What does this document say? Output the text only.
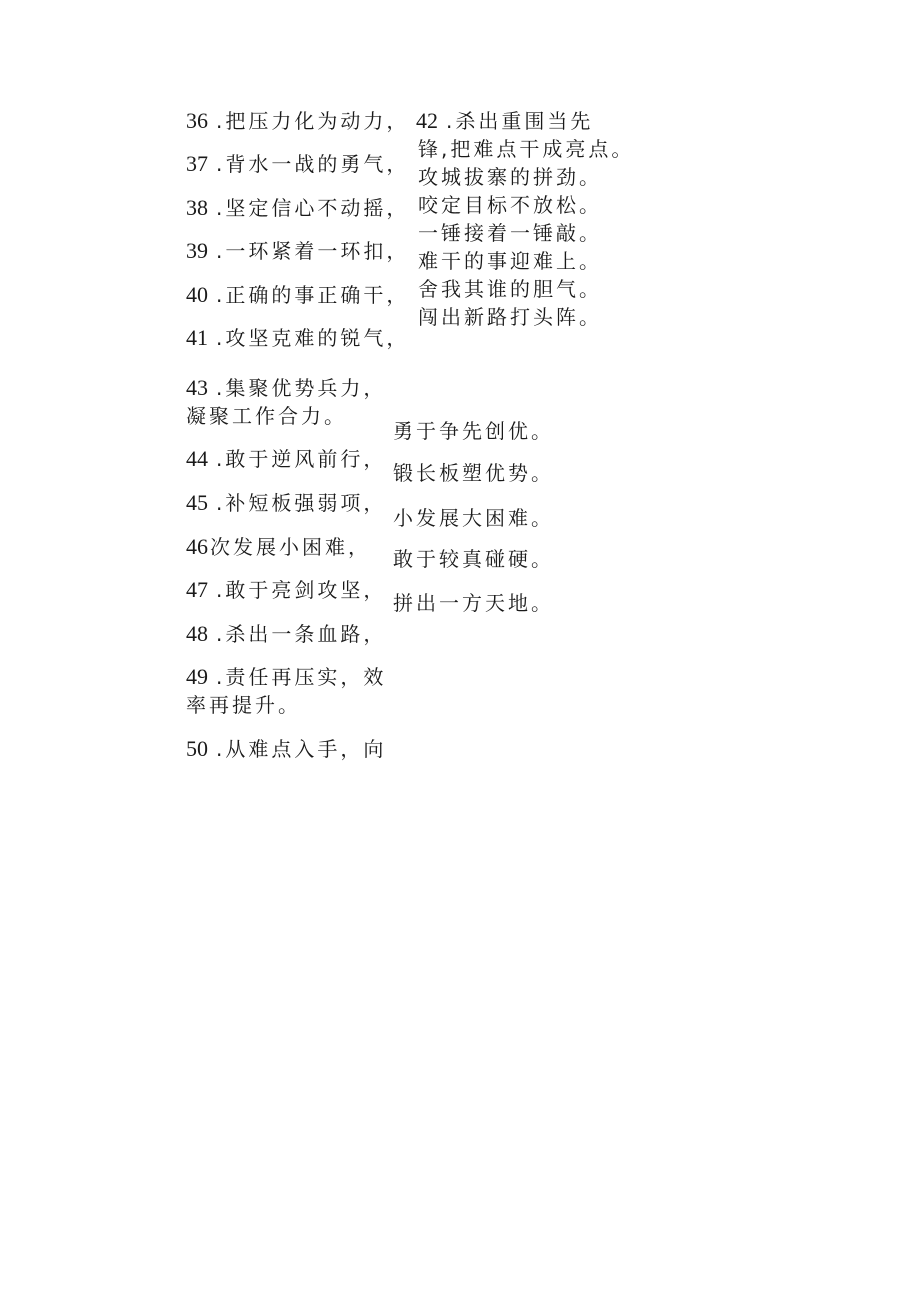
36 .把压力化为动力，
37 .背水一战的勇气，
38 .坚定信心不动摇，
39 .一环紧着一环扣，
40 .正确的事正确干，
41 .攻坚克难的锐气，
43 .集聚优势兵力，
凝聚工作合力。
44 .敢于逆风前行，
45 .补短板强弱项，
46 次发展小困难，
47 .敢于亮剑攻坚，
48 .杀出一条血路，
49 .责任再压实，效
率再提升。
50 .从难点入手，向
42 .杀出重围当先
锋,把难点干成亮点。
攻城拔寨的拼劲。
咬定目标不放松。
一锤接着一锤敲。
难干的事迎难上。
舍我其谁的胆气。
闯出新路打头阵。
勇于争先创优。
锻长板塑优势。
小发展大困难。
敢于较真碰硬。
拼出一方天地。
